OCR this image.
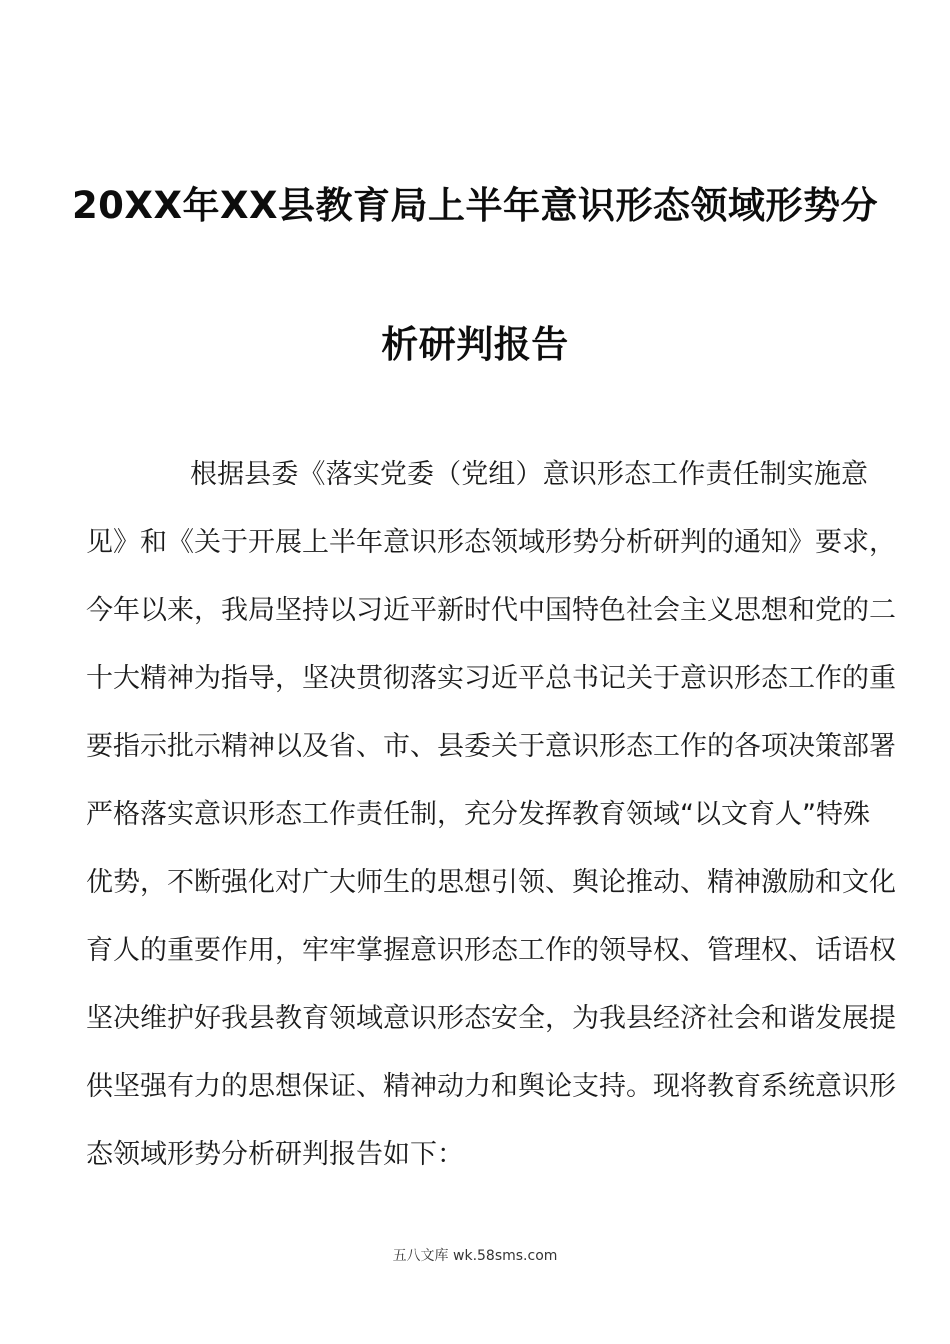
20XX年XX县教育局上半年意识形态领域形势分
析研判报告
根据县委《落实党委（党组）意识形态工作责任制实施意
见》和《关于开展上半年意识形态领域形势分析研判的通知》要求，
今年以来，我局坚持以习近平新时代中国特色社会主义思想和党的二
十大精神为指导，坚决贯彻落实习近平总书记关于意识形态工作的重
要指示批示精神以及省、市、县委关于意识形态工作的各项决策部署
严格落实意识形态工作责任制，充分发挥教育领域“以文育人”特殊
优势，不断强化对广大师生的思想引领、舆论推动、精神激励和文化
育人的重要作用，牢牢掌握意识形态工作的领导权、管理权、话语权
坚决维护好我县教育领域意识形态安全，为我县经济社会和谐发展提
供坚强有力的思想保证、精神动力和舆论支持。现将教育系统意识形
态领域形势分析研判报告如下：
五八文库 wk.58sms.com
